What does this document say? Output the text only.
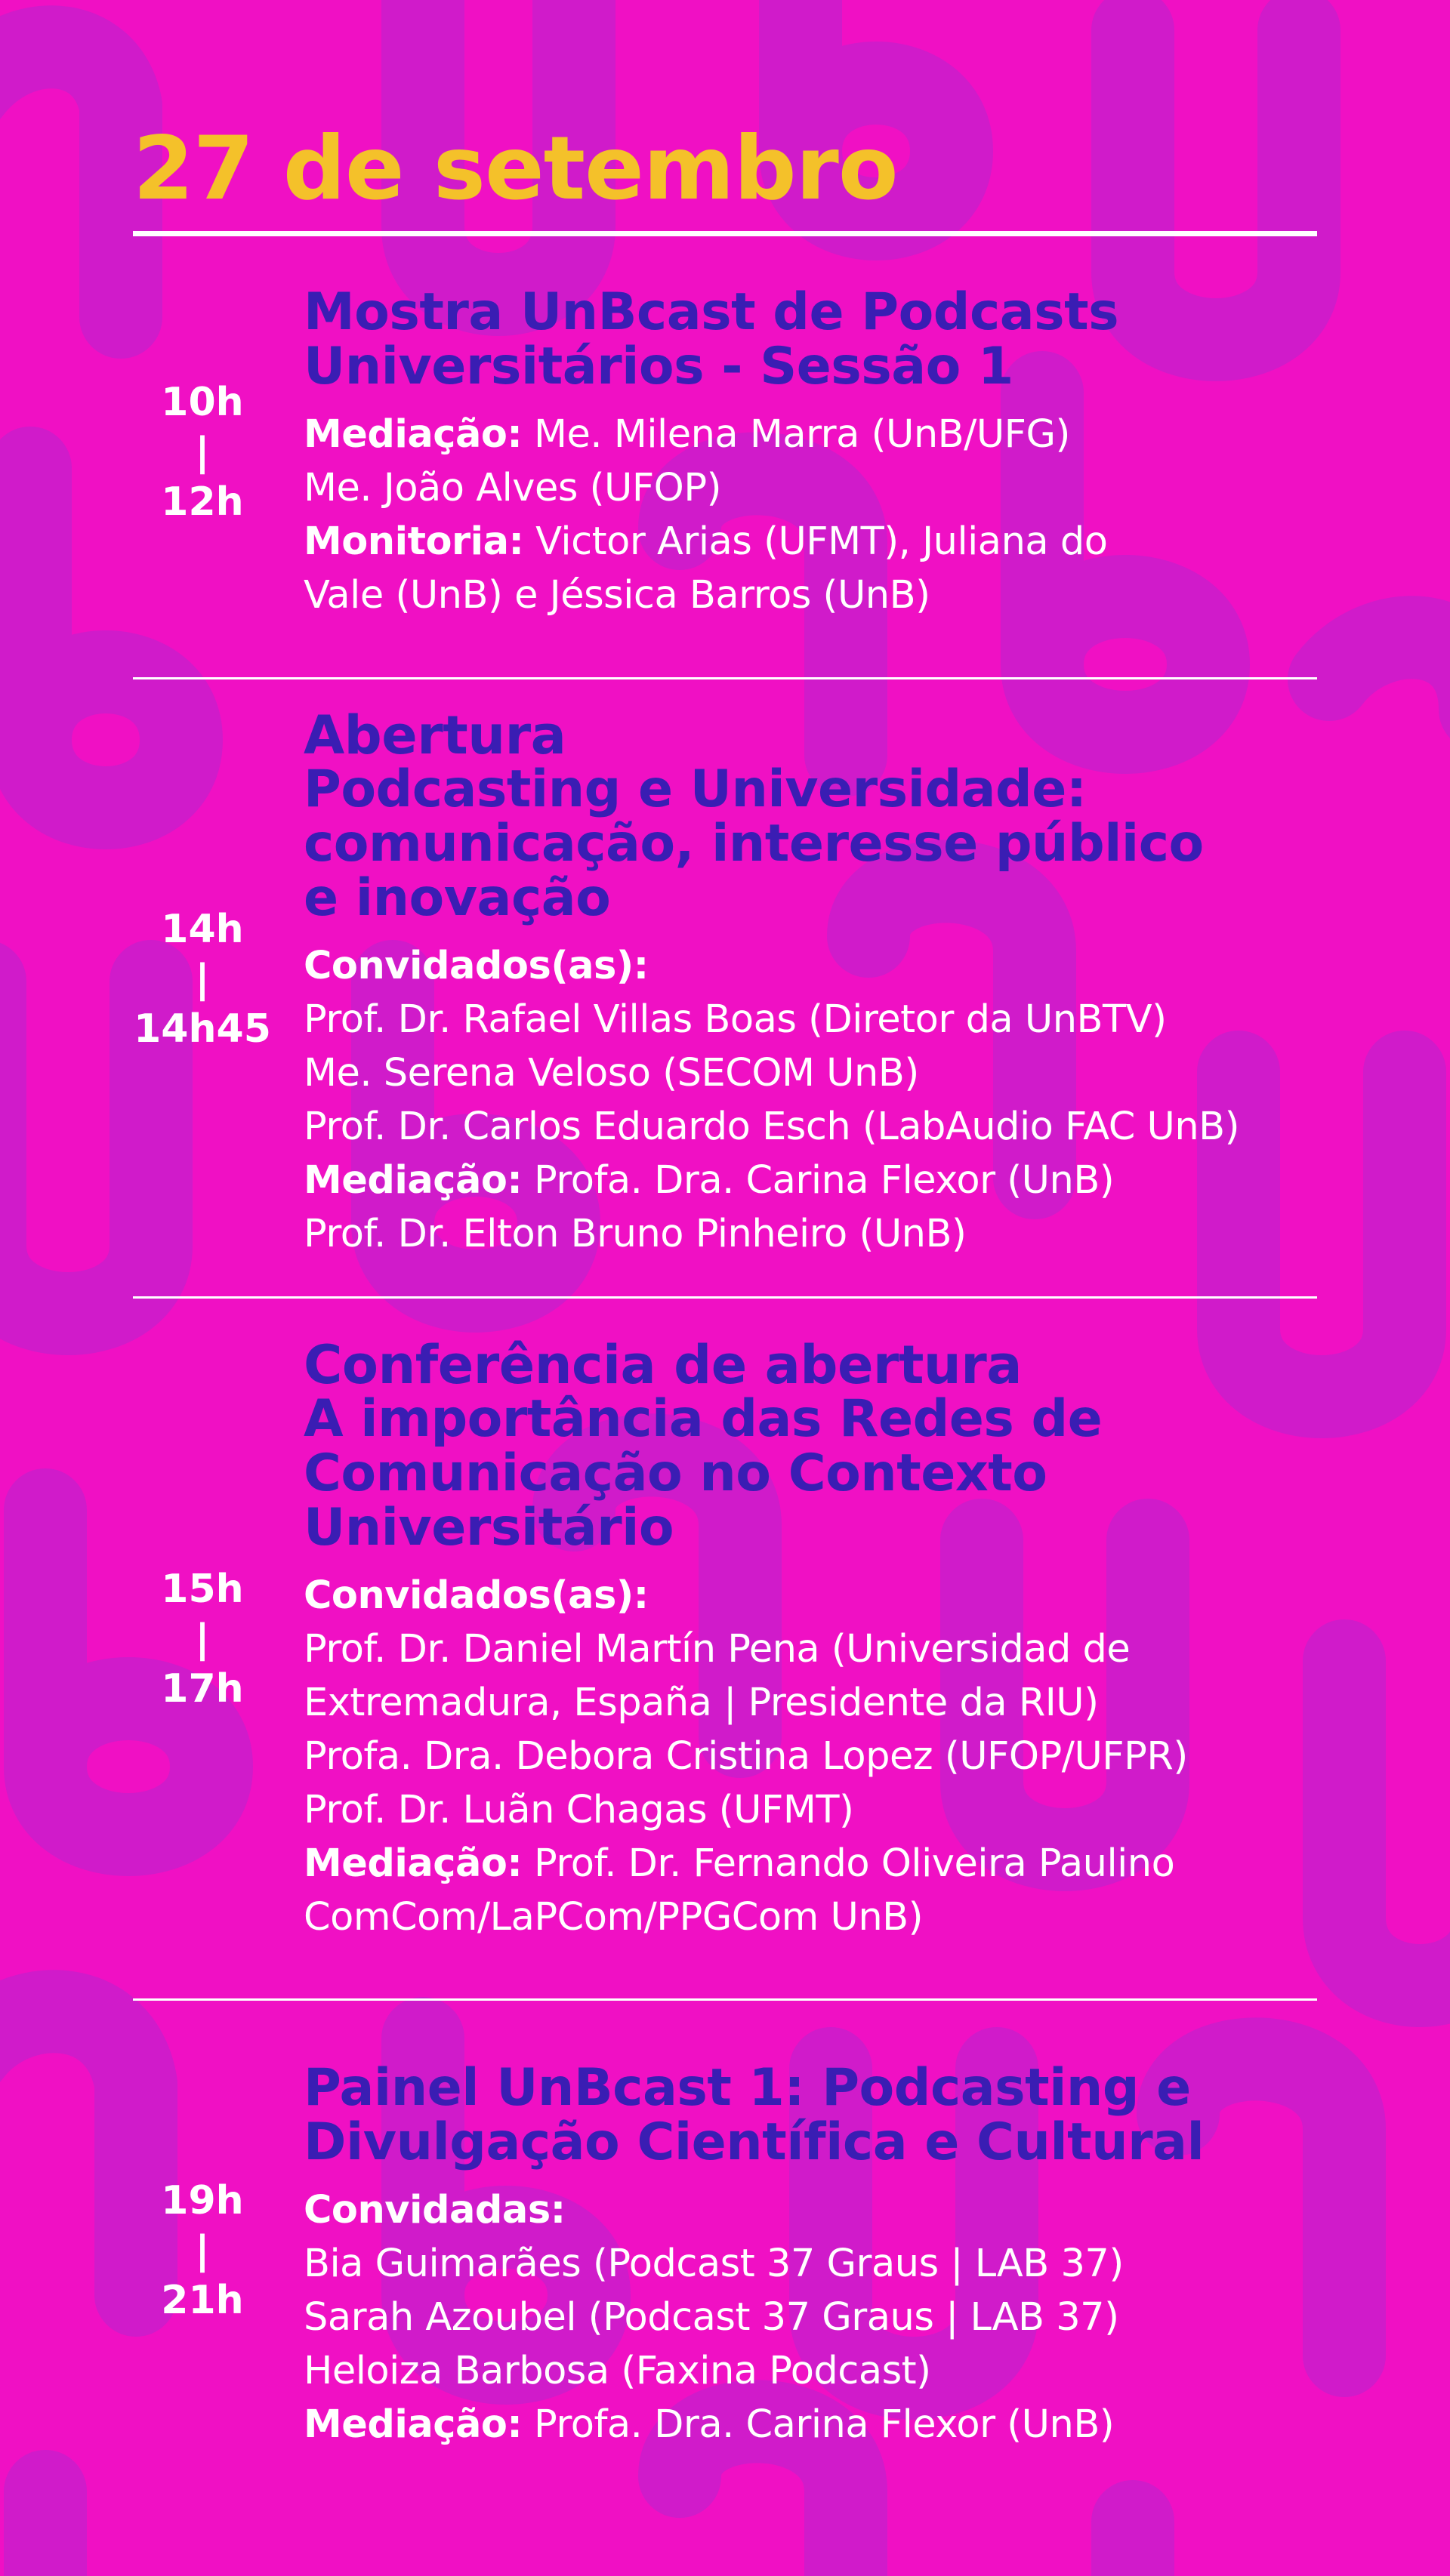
27 de setembro
10h
|
12h

Mostra UnBcast de Podcasts
Universitários - Sessão 1

Mediação: Me. Milena Marra (UnB/UFG)
Me. João Alves (UFOP)
Monitoria: Victor Arias (UFMT), Juliana do
Vale (UnB) e Jéssica Barros (UnB)
14h
|
14h45

Abertura

Podcasting e Universidade:
comunicação, interesse público
e inovação

Convidados(as):
Prof. Dr. Rafael Villas Boas (Diretor da UnBTV)
Me. Serena Veloso (SECOM UnB)
Prof. Dr. Carlos Eduardo Esch (LabAudio FAC UnB)
Mediação: Profa. Dra. Carina Flexor (UnB)
Prof. Dr. Elton Bruno Pinheiro (UnB)
15h
|
17h

Conferência de abertura

A importância das Redes de
Comunicação no Contexto
Universitário

Convidados(as):
Prof. Dr. Daniel Martín Pena (Universidad de
Extremadura, España | Presidente da RIU)
Profa. Dra. Debora Cristina Lopez (UFOP/UFPR)
Prof. Dr. Luãn Chagas (UFMT)
Mediação: Prof. Dr. Fernando Oliveira Paulino
ComCom/LaPCom/PPGCom UnB)
19h
|
21h

Painel UnBcast 1: Podcasting e
Divulgação Científica e Cultural

Convidadas:
Bia Guimarães (Podcast 37 Graus | LAB 37)
Sarah Azoubel (Podcast 37 Graus | LAB 37)
Heloiza Barbosa (Faxina Podcast)
Mediação: Profa. Dra. Carina Flexor (UnB)
